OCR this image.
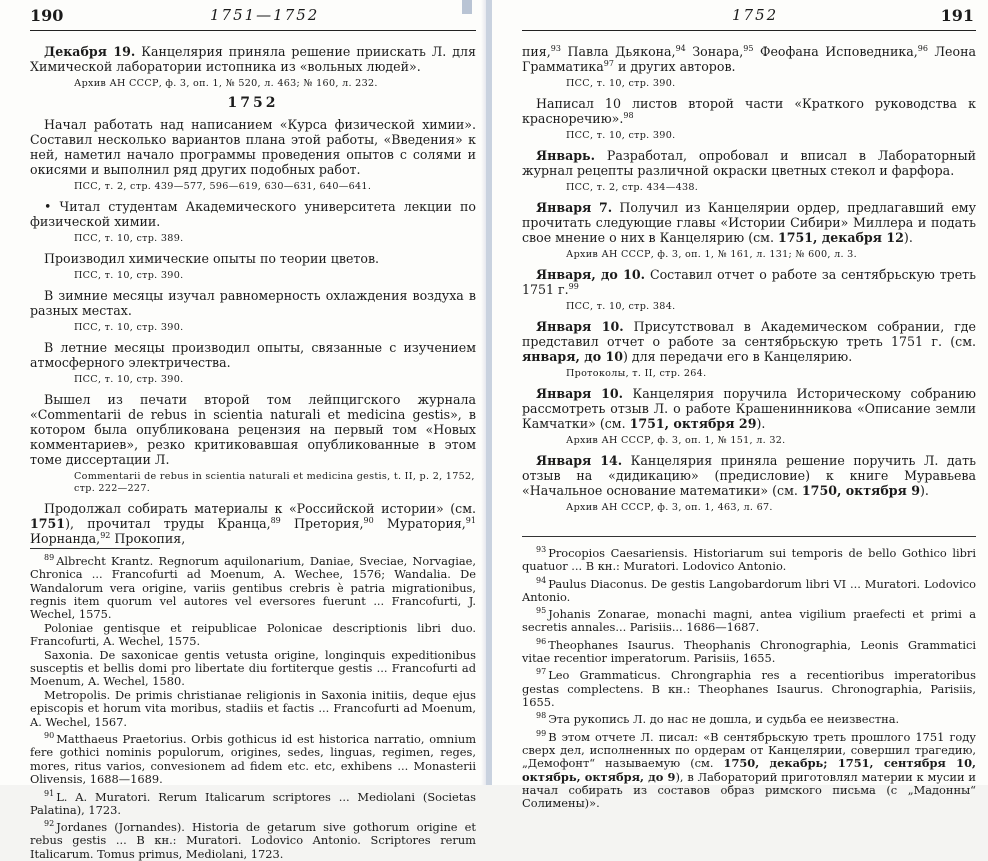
190	1751—1752

Декабря 19. Канцелярия приняла решение приискать Л. для Химической лаборатории истопника из «вольных людей».

Архив АН СССР, ф. 3, оп. 1, № 520, л. 463; № 160, л. 232.
1752

Начал работать над написанием «Курса физической химии». Составил несколько вариантов плана этой работы, «Введения» к ней, наметил начало программы проведения опытов с солями и окисями и выполнил ряд других подобных работ.

ПСС, т. 2, стр. 439—577, 596—619, 630—631, 640—641.

• Читал студентам Академического университета лекции по физической химии.

ПСС, т. 10, стр. 389.

Производил химические опыты по теории цветов.

ПСС, т. 10, стр. 390.

В зимние месяцы изучал равномерность охлаждения воздуха в разных местах.

ПСС, т. 10, стр. 390.

В летние месяцы производил опыты, связанные с изучением атмосферного электричества.

ПСС, т. 10, стр. 390.

Вышел из печати второй том лейпцигского журнала «Commentarii de rebus in scientia naturali et medicina gestis», в котором была опубликована рецензия на первый том «Новых комментариев», резко критиковавшая опубликованные в этом томе диссертации Л.

Commentarii de rebus in scientia naturali et medicina gestis, t. II, p. 2, 1752, стр. 222—227.

Продолжал собирать материалы к «Российской истории» (см. 1751), прочитал труды Кранца,$^{89}$ Претория,$^{90}$ Муратория,$^{91}$ Иорнанда,$^{92}$ Прокопия,

$^{89}$ Albrecht Krantz. Regnorum aquilonarium, Daniae, Sveciae, Norvagiae, Chronica ... Francofurti ad Moenum, A. Wechee, 1576; Wandalia. De Wandalorum vera origine, variis gentibus crebris è patria migrationibus, regnis item quorum vel autores vel eversores fuerunt ... Francofurti, J. Wechel, 1575.

Poloniae gentisque et reipublicae Polonicae descriptionis libri duo. Francofurti, A. Wechel, 1575.

Saxonia. De saxonicae gentis vetusta origine, longinquis expeditionibus susceptis et bellis domi pro libertate diu fortiterque gestis ... Francofurti ad Moenum, A. Wechel, 1580.

Metropolis. De primis christianae religionis in Saxonia initiis, deque ejus episcopis et horum vita moribus, stadiis et factis ... Francofurti ad Moenum, A. Wechel, 1567.

$^{90}$ Matthaeus Praetorius. Orbis gothicus id est historica narratio, omnium fere gothici nominis populorum, origines, sedes, linguas, regimen, reges, mores, ritus varios, convesionem ad fidem etc. etc, exhibens ... Monasterii Olivensis, 1688—1689.

$^{91}$ L. A. Muratori. Rerum Italicarum scriptores ... Mediolani (Societas Palatina), 1723.

$^{92}$ Jordanes (Jornandes). Historia de getarum sive gothorum origine et rebus gestis ... В кн.: Muratori. Lodovico Antonio. Scriptores rerum Italicarum. Tomus primus, Mediolani, 1723.

1752	191

пия,$^{93}$ Павла Дьякона,$^{94}$ Зонара,$^{95}$ Феофана Исповедника,$^{96}$ Леона Грамматика$^{97}$ и других авторов.

ПСС, т. 10, стр. 390.

Написал 10 листов второй части «Краткого руководства к красноречию».$^{98}$

ПСС, т. 10, стр. 390.

Январь. Разработал, опробовал и вписал в Лабораторный журнал рецепты различной окраски цветных стекол и фарфора.

ПСС, т. 2, стр. 434—438.

Января 7. Получил из Канцелярии ордер, предлагавший ему прочитать следующие главы «Истории Сибири» Миллера и подать свое мнение о них в Канцелярию (см. 1751, декабря 12).

Архив АН СССР, ф. 3, оп. 1, № 161, л. 131; № 600, л. 3.

Января, до 10. Составил отчет о работе за сентябрьскую треть 1751 г.$^{99}$

ПСС, т. 10, стр. 384.

Января 10. Присутствовал в Академическом собрании, где представил отчет о работе за сентябрьскую треть 1751 г. (см. января, до 10) для передачи его в Канцелярию.

Протоколы, т. II, стр. 264.

Января 10. Канцелярия поручила Историческому собранию рассмотреть отзыв Л. о работе Крашенинникова «Описание земли Камчатки» (см. 1751, октября 29).

Архив АН СССР, ф. 3, оп. 1, № 151, л. 32.

Января 14. Канцелярия приняла решение поручить Л. дать отзыв на «дидикацию» (предисловие) к книге Муравьева «Начальное основание математики» (см. 1750, октября 9).

Архив АН СССР, ф. 3, оп. 1, 463, л. 67.

$^{93}$ Procopios Caesariensis. Historiarum sui temporis de bello Gothico libri quatuor ... В кн.: Muratori. Lodovico Antonio.

$^{94}$ Paulus Diaconus. De gestis Langobardorum libri VI ... Muratori. Lodovico Antonio.

$^{95}$ Johanis Zonarae, monachi magni, antea vigilium praefecti et primi a secretis annales... Parisiis... 1686—1687.

$^{96}$ Theophanes Isaurus. Theophanis Chronographia, Leonis Grammatici vitae recentior imperatorum. Parisiis, 1655.

$^{97}$ Leo Grammaticus. Chrongraphia res a recentioribus imperatoribus gestas complectens. В кн.: Theophanes Isaurus. Chronographia, Parisiis, 1655.

$^{98}$ Эта рукопись Л. до нас не дошла, и судьба ее неизвестна.

$^{99}$ В этом отчете Л. писал: «В сентябрьскую треть прошлого 1751 году сверх дел, исполненных по ордерам от Канцелярии, совершил трагедию, „Демофонт“ называемую (см. 1750, декабрь; 1751, сентября 10, октябрь, октября, до 9), в Лабораторий приготовлял материи к мусии и начал собирать из составов образ римского письма (с „Мадонны“ Солимены)».
